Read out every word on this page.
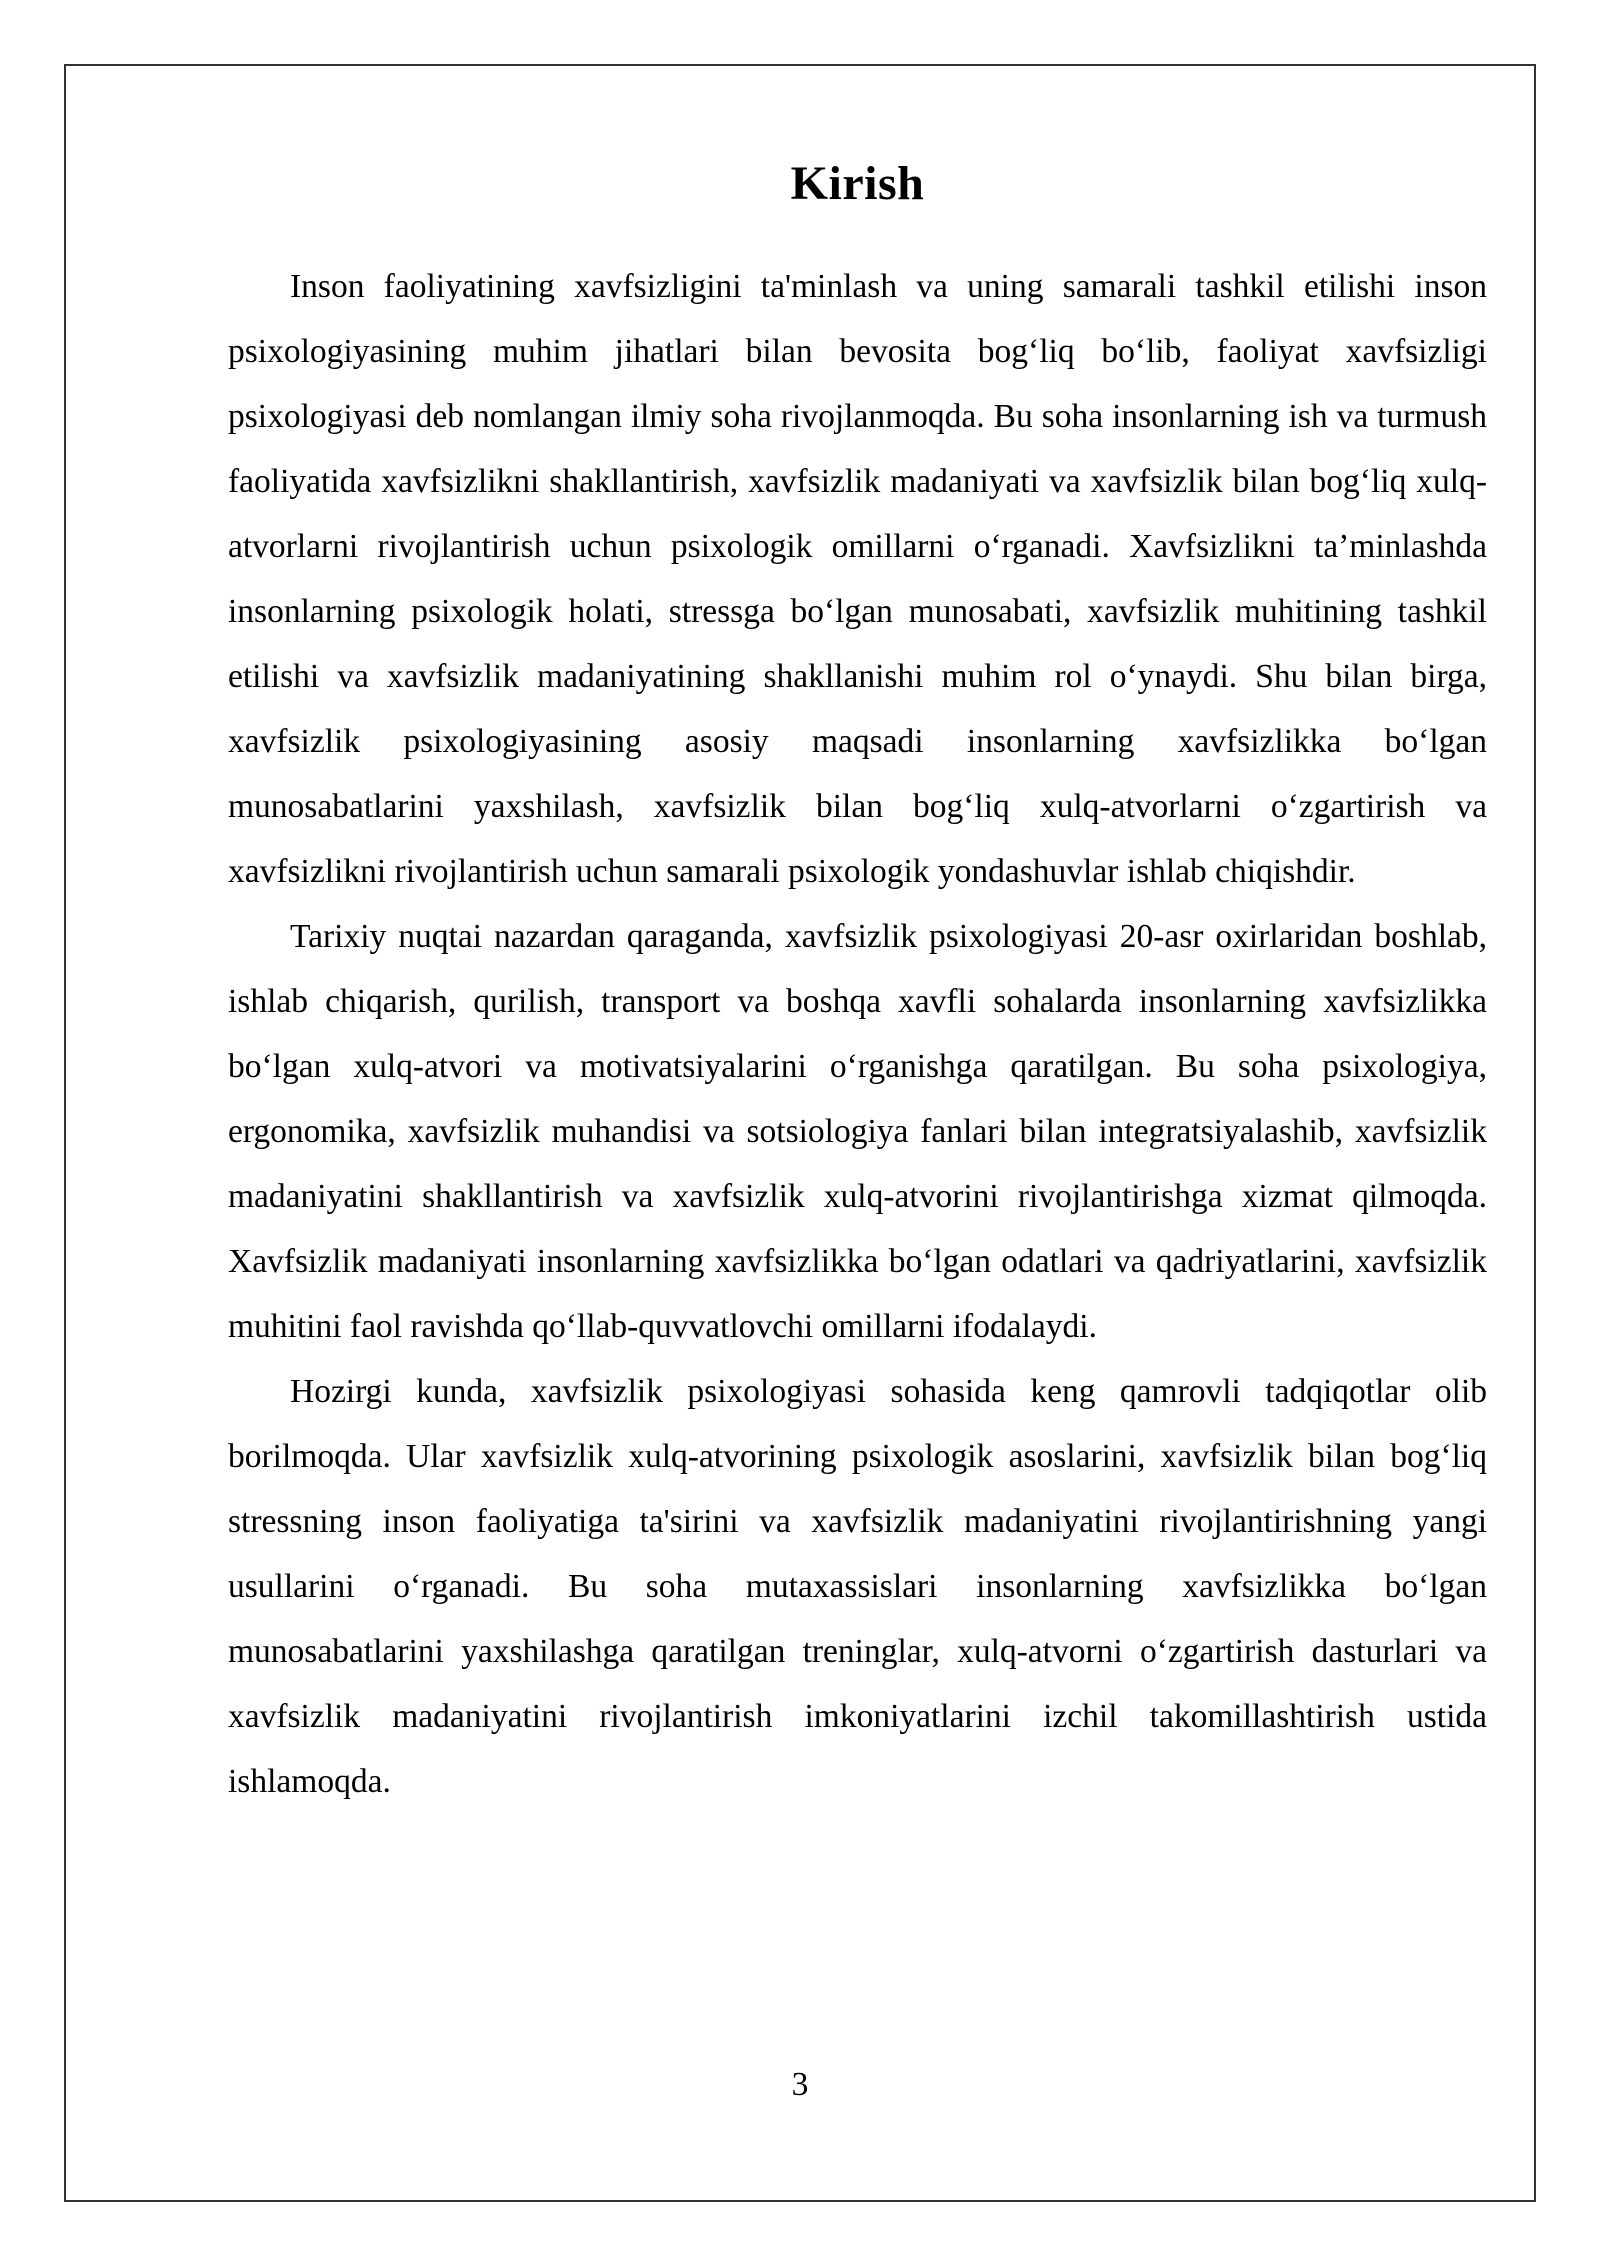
Kirish

Inson faoliyatining xavfsizligini ta'minlash va uning samarali tashkil etilishi inson psixologiyasining muhim jihatlari bilan bevosita bog‘liq bo‘lib, faoliyat xavfsizligi psixologiyasi deb nomlangan ilmiy soha rivojlanmoqda. Bu soha insonlarning ish va turmush faoliyatida xavfsizlikni shakllantirish, xavfsizlik madaniyati va xavfsizlik bilan bog‘liq xulq-atvorlarni rivojlantirish uchun psixologik omillarni o‘rganadi. Xavfsizlikni ta’minlashda insonlarning psixologik holati, stressga bo‘lgan munosabati, xavfsizlik muhitining tashkil etilishi va xavfsizlik madaniyatining shakllanishi muhim rol o‘ynaydi. Shu bilan birga, xavfsizlik psixologiyasining asosiy maqsadi insonlarning xavfsizlikka bo‘lgan munosabatlarini yaxshilash, xavfsizlik bilan bog‘liq xulq-atvorlarni o‘zgartirish va xavfsizlikni rivojlantirish uchun samarali psixologik yondashuvlar ishlab chiqishdir.

Tarixiy nuqtai nazardan qaraganda, xavfsizlik psixologiyasi 20-asr oxirlaridan boshlab, ishlab chiqarish, qurilish, transport va boshqa xavfli sohalarda insonlarning xavfsizlikka bo‘lgan xulq-atvori va motivatsiyalarini o‘rganishga qaratilgan. Bu soha psixologiya, ergonomika, xavfsizlik muhandisi va sotsiologiya fanlari bilan integratsiyalashib, xavfsizlik madaniyatini shakllantirish va xavfsizlik xulq-atvorini rivojlantirishga xizmat qilmoqda. Xavfsizlik madaniyati insonlarning xavfsizlikka bo‘lgan odatlari va qadriyatlarini, xavfsizlik muhitini faol ravishda qo‘llab-quvvatlovchi omillarni ifodalaydi.

Hozirgi kunda, xavfsizlik psixologiyasi sohasida keng qamrovli tadqiqotlar olib borilmoqda. Ular xavfsizlik xulq-atvorining psixologik asoslarini, xavfsizlik bilan bog‘liq stressning inson faoliyatiga ta'sirini va xavfsizlik madaniyatini rivojlantirishning yangi usullarini o‘rganadi. Bu soha mutaxassislari insonlarning xavfsizlikka bo‘lgan munosabatlarini yaxshilashga qaratilgan treninglar, xulq-atvorni o‘zgartirish dasturlari va xavfsizlik madaniyatini rivojlantirish imkoniyatlarini izchil takomillashtirish ustida ishlamoqda.

3
